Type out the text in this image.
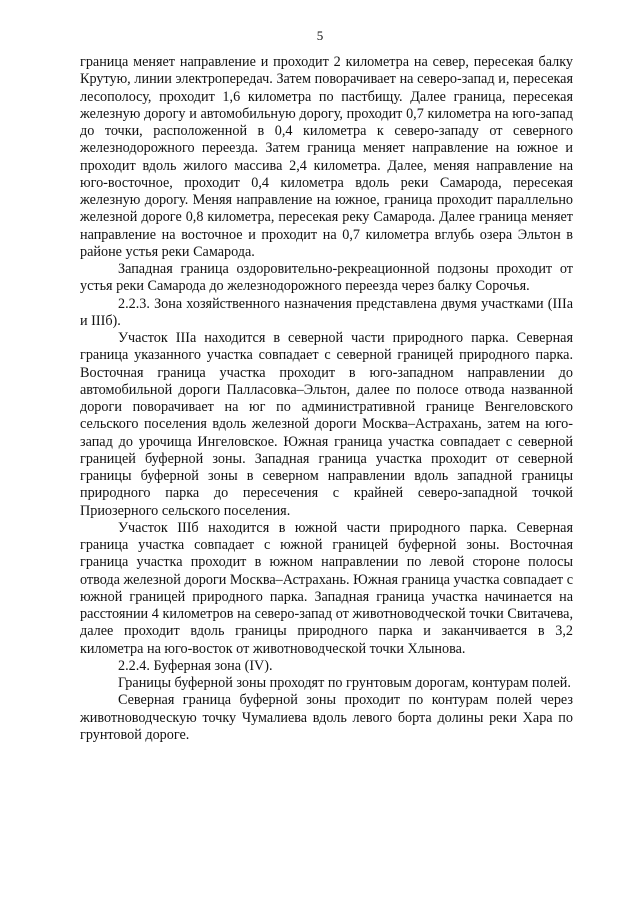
5

граница меняет направление и проходит 2 километра на север, пересекая балку Крутую, линии электропередач. Затем поворачивает на северо-запад и, пересекая лесополосу, проходит 1,6 километра по пастбищу. Далее граница, пересекая железную дорогу и автомобильную дорогу, проходит 0,7 километра на юго-запад до точки, расположенной в 0,4 километра к северо-западу от северного железнодорожного переезда. Затем граница меняет направление на южное и проходит вдоль жилого массива 2,4 километра. Далее, меняя направление на юго-восточное, проходит 0,4 километра вдоль реки Самарода, пересекая железную дорогу. Меняя направление на южное, граница проходит параллельно железной дороге 0,8 километра, пересекая реку Самарода. Далее граница меняет направление на восточное и проходит на 0,7 километра вглубь озера Эльтон в районе устья реки Самарода.

Западная граница оздоровительно-рекреационной подзоны проходит от устья реки Самарода до железнодорожного переезда через балку Сорочья.

2.2.3. Зона хозяйственного назначения представлена двумя участками (IIIа и IIIб).

Участок IIIа находится в северной части природного парка. Северная граница указанного участка совпадает с северной границей природного парка. Восточная граница участка проходит в юго-западном направлении до автомобильной дороги Палласовка–Эльтон, далее по полосе отвода названной дороги поворачивает на юг по административной границе Венгеловского сельского поселения вдоль железной дороги Москва–Астрахань, затем на юго-запад до урочища Ингеловское. Южная граница участка совпадает с северной границей буферной зоны. Западная граница участка проходит от северной границы буферной зоны в северном направлении вдоль западной границы природного парка до пересечения с крайней северо-западной точкой Приозерного сельского поселения.

Участок IIIб находится в южной части природного парка. Северная граница участка совпадает с южной границей буферной зоны. Восточная граница участка проходит в южном направлении по левой стороне полосы отвода железной дороги Москва–Астрахань. Южная граница участка совпадает с южной границей природного парка. Западная граница участка начинается на расстоянии 4 километров на северо-запад от животноводческой точки Свитачева, далее проходит вдоль границы природного парка и заканчивается в 3,2 километра на юго-восток от животноводческой точки Хлынова.

2.2.4. Буферная зона (IV).

Границы буферной зоны проходят по грунтовым дорогам, контурам полей.

Северная граница буферной зоны проходит по контурам полей через животноводческую точку Чумалиева вдоль левого борта долины реки Хара по грунтовой дороге.
